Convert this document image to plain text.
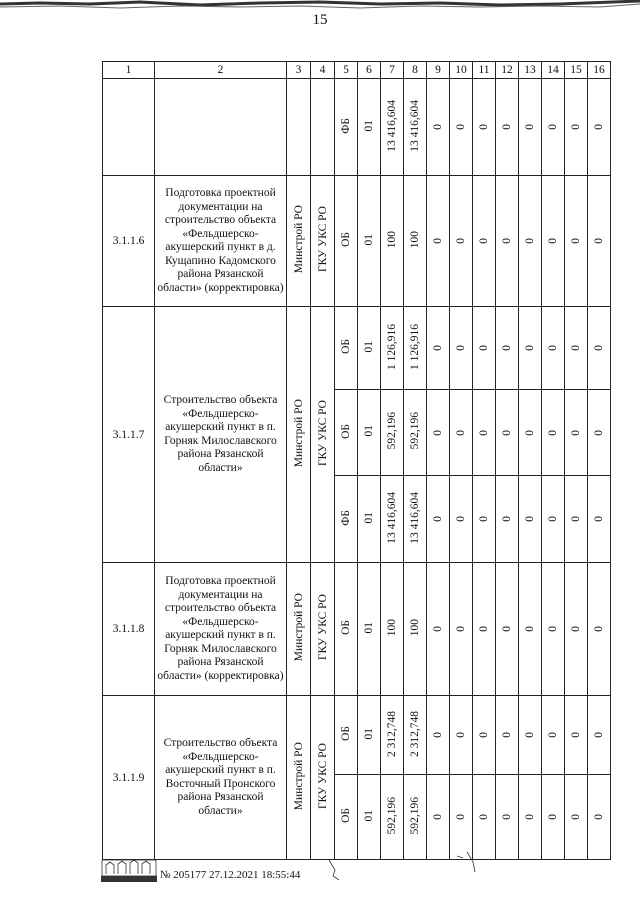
15
1	2	3	4	5	6	7	8	9	10	11	12	13	14	15	16
				ФБ	01	13 416,604	13 416,604	0	0	0	0	0	0	0	0
3.1.1.6	Подготовка проектной документации на строительство объекта «Фельдшерско-акушерский пункт в д. Кущапино Кадомского района Рязанской области» (корректировка)	Минстрой РО	ГКУ УКС РО	ОБ	01	100	100	0	0	0	0	0	0	0	0
3.1.1.7	Строительство объекта «Фельдшерско-акушерский пункт в п. Горняк Милославского района Рязанской области»	Минстрой РО	ГКУ УКС РО	ОБ	01	1 126,916	1 126,916	0	0	0	0	0	0	0	0
				ОБ	01	592,196	592,196	0	0	0	0	0	0	0	0
				ФБ	01	13 416,604	13 416,604	0	0	0	0	0	0	0	0
3.1.1.8	Подготовка проектной документации на строительство объекта «Фельдшерско-акушерский пункт в п. Горняк Милославского района Рязанской области» (корректировка)	Минстрой РО	ГКУ УКС РО	ОБ	01	100	100	0	0	0	0	0	0	0	0
3.1.1.9	Строительство объекта «Фельдшерско-акушерский пункт в п. Восточный Пронского района Рязанской области»	Минстрой РО	ГКУ УКС РО	ОБ	01	2 312,748	2 312,748	0	0	0	0	0	0	0	0
				ОБ	01	592,196	592,196	0	0	0	0	0	0	0	0
№ 205177 27.12.2021 18:55:44
